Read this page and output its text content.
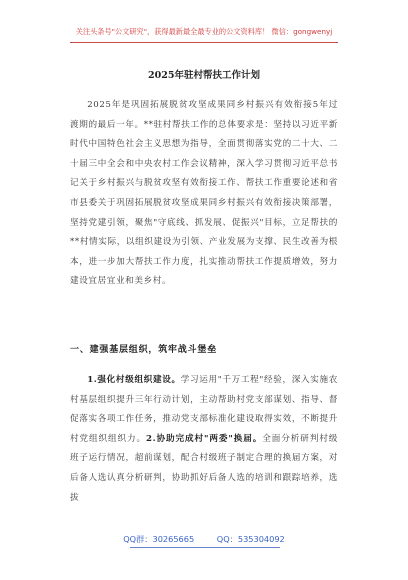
关注头条号"公文研究"，获得最新最全最专业的公文资料库！ 微信：gongwenyj
2025年驻村帮扶工作计划

2025年是巩固拓展脱贫攻坚成果同乡村振兴有效衔接5年过渡期的最后一年。**驻村帮扶工作的总体要求是：坚持以习近平新时代中国特色社会主义思想为指导，全面贯彻落实党的二十大、二十届三中全会和中央农村工作会议精神，深入学习贯彻习近平总书记关于乡村振兴与脱贫攻坚有效衔接工作、帮扶工作重要论述和省市县委关于巩固拓展脱贫攻坚成果同乡村振兴有效衔接决策部署，坚持党建引领，聚焦"守底线、抓发展、促振兴"目标，立足帮扶的**村情实际，以组织建设为引领、产业发展为支撑、民生改善为根本，进一步加大帮扶工作力度，扎实推动帮扶工作提质增效，努力建设宜居宜业和美乡村。

一、建强基层组织，筑牢战斗堡垒

1.强化村级组织建设。学习运用"千万工程"经验，深入实施农村基层组织提升三年行动计划，主动帮助村党支部谋划、指导、督促落实各项工作任务，推动党支部标准化建设取得实效，不断提升村党组织组织力。2.协助完成村"两委"换届。全面分析研判村级班子运行情况，超前谋划，配合村级班子制定合理的换届方案，对后备人选认真分析研判，协助抓好后备人选的培训和跟踪培养，选拔

QQ群：30265665	QQ：535304092
